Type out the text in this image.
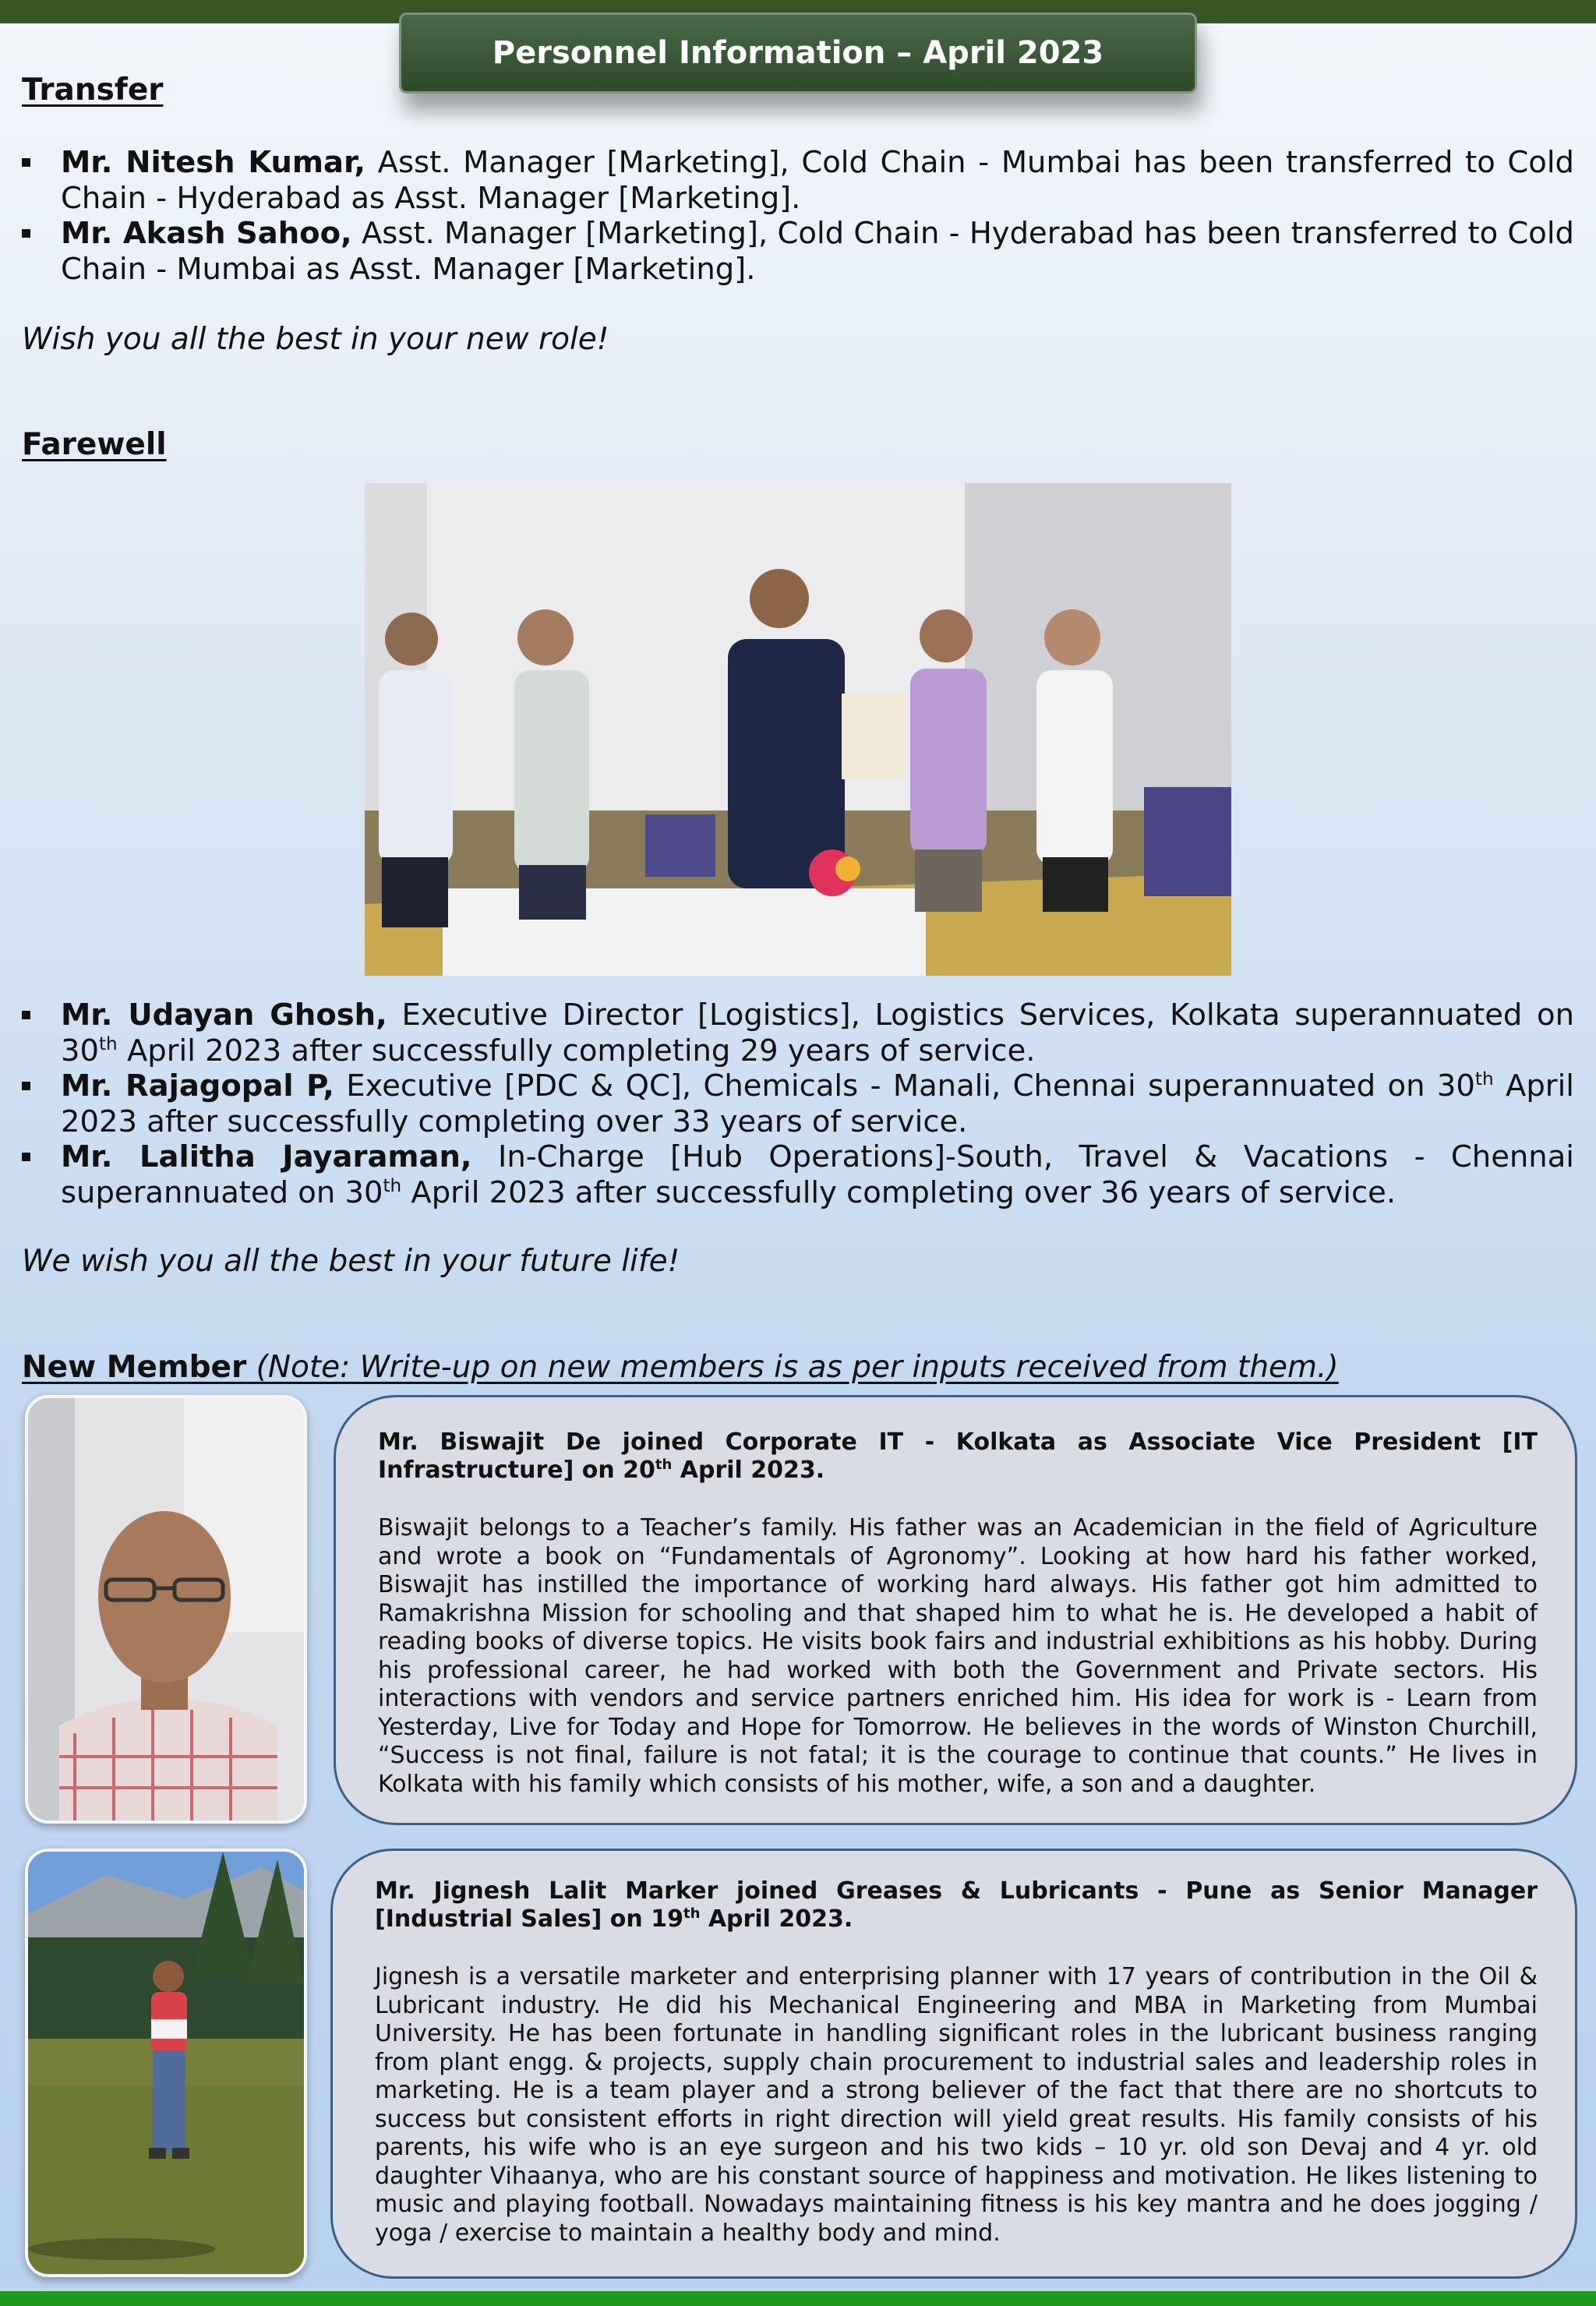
Personnel Information – April 2023
Transfer
Mr. Nitesh Kumar, Asst. Manager [Marketing], Cold Chain - Mumbai has been transferred to Cold Chain - Hyderabad as Asst. Manager [Marketing].
Mr. Akash Sahoo, Asst. Manager [Marketing], Cold Chain - Hyderabad has been transferred to Cold Chain - Mumbai as Asst. Manager [Marketing].
Wish you all the best in your new role!
Farewell
Mr. Udayan Ghosh, Executive Director [Logistics], Logistics Services, Kolkata superannuated on 30th April 2023 after successfully completing 29 years of service.
Mr. Rajagopal P, Executive [PDC & QC], Chemicals - Manali, Chennai superannuated on 30th April 2023 after successfully completing over 33 years of service.
Mr. Lalitha Jayaraman, In-Charge [Hub Operations]-South, Travel & Vacations - Chennai superannuated on 30th April 2023 after successfully completing over 36 years of service.
We wish you all the best in your future life!
New Member (Note: Write-up on new members is as per inputs received from them.)
Mr. Biswajit De joined Corporate IT - Kolkata as Associate Vice President [IT Infrastructure] on 20th April 2023.
Biswajit belongs to a Teacher’s family. His father was an Academician in the field of Agriculture and wrote a book on “Fundamentals of Agronomy”. Looking at how hard his father worked, Biswajit has instilled the importance of working hard always. His father got him admitted to Ramakrishna Mission for schooling and that shaped him to what he is. He developed a habit of reading books of diverse topics. He visits book fairs and industrial exhibitions as his hobby. During his professional career, he had worked with both the Government and Private sectors. His interactions with vendors and service partners enriched him. His idea for work is - Learn from Yesterday, Live for Today and Hope for Tomorrow. He believes in the words of Winston Churchill, “Success is not final, failure is not fatal; it is the courage to continue that counts.” He lives in Kolkata with his family which consists of his mother, wife, a son and a daughter.
Mr. Jignesh Lalit Marker joined Greases & Lubricants - Pune as Senior Manager [Industrial Sales] on 19th April 2023.
Jignesh is a versatile marketer and enterprising planner with 17 years of contribution in the Oil & Lubricant industry. He did his Mechanical Engineering and MBA in Marketing from Mumbai University. He has been fortunate in handling significant roles in the lubricant business ranging from plant engg. & projects, supply chain procurement to industrial sales and leadership roles in marketing. He is a team player and a strong believer of the fact that there are no shortcuts to success but consistent efforts in right direction will yield great results. His family consists of his parents, his wife who is an eye surgeon and his two kids – 10 yr. old son Devaj and 4 yr. old daughter Vihaanya, who are his constant source of happiness and motivation. He likes listening to music and playing football. Nowadays maintaining fitness is his key mantra and he does jogging / yoga / exercise to maintain a healthy body and mind.
